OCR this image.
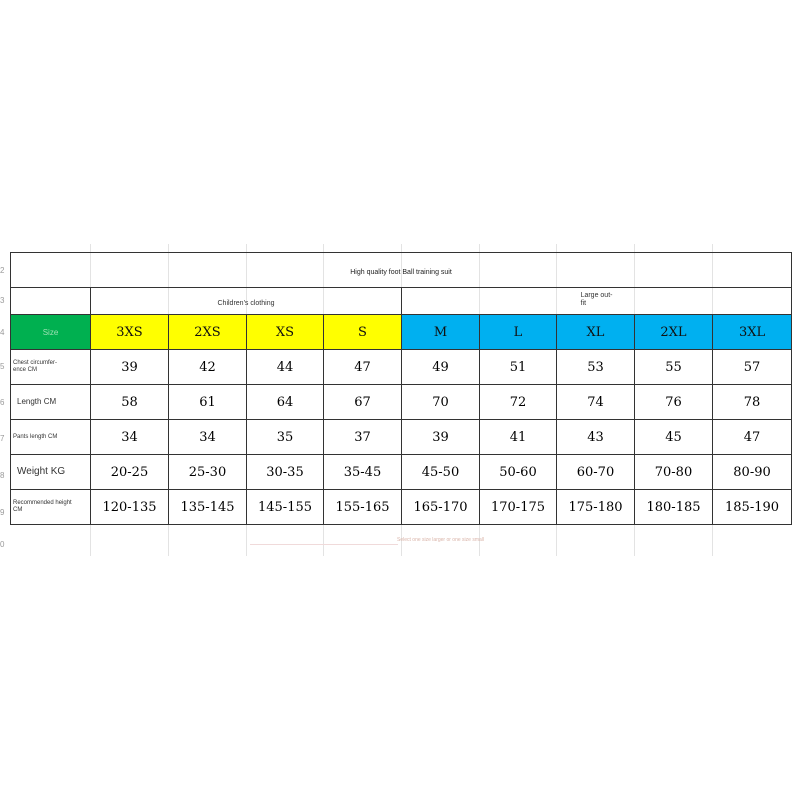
2
3
4
5
6
7
8
9
0
High quality foot Ball training suit									
	Children's clothing				Large out-
fit				
Size	3XS	2XS	XS	S	M	L	XL	2XL	3XL
Chest circumfer-
ence CM	39	42	44	47	49	51	53	55	57
Length CM	58	61	64	67	70	72	74	76	78
Pants length CM	34	34	35	37	39	41	43	45	47
Weight KG	20-25	25-30	30-35	35-45	45-50	50-60	60-70	70-80	80-90
Recommended height
CM	120-135	135-145	145-155	155-165	165-170	170-175	175-180	180-185	185-190
Select one size larger or one size small
